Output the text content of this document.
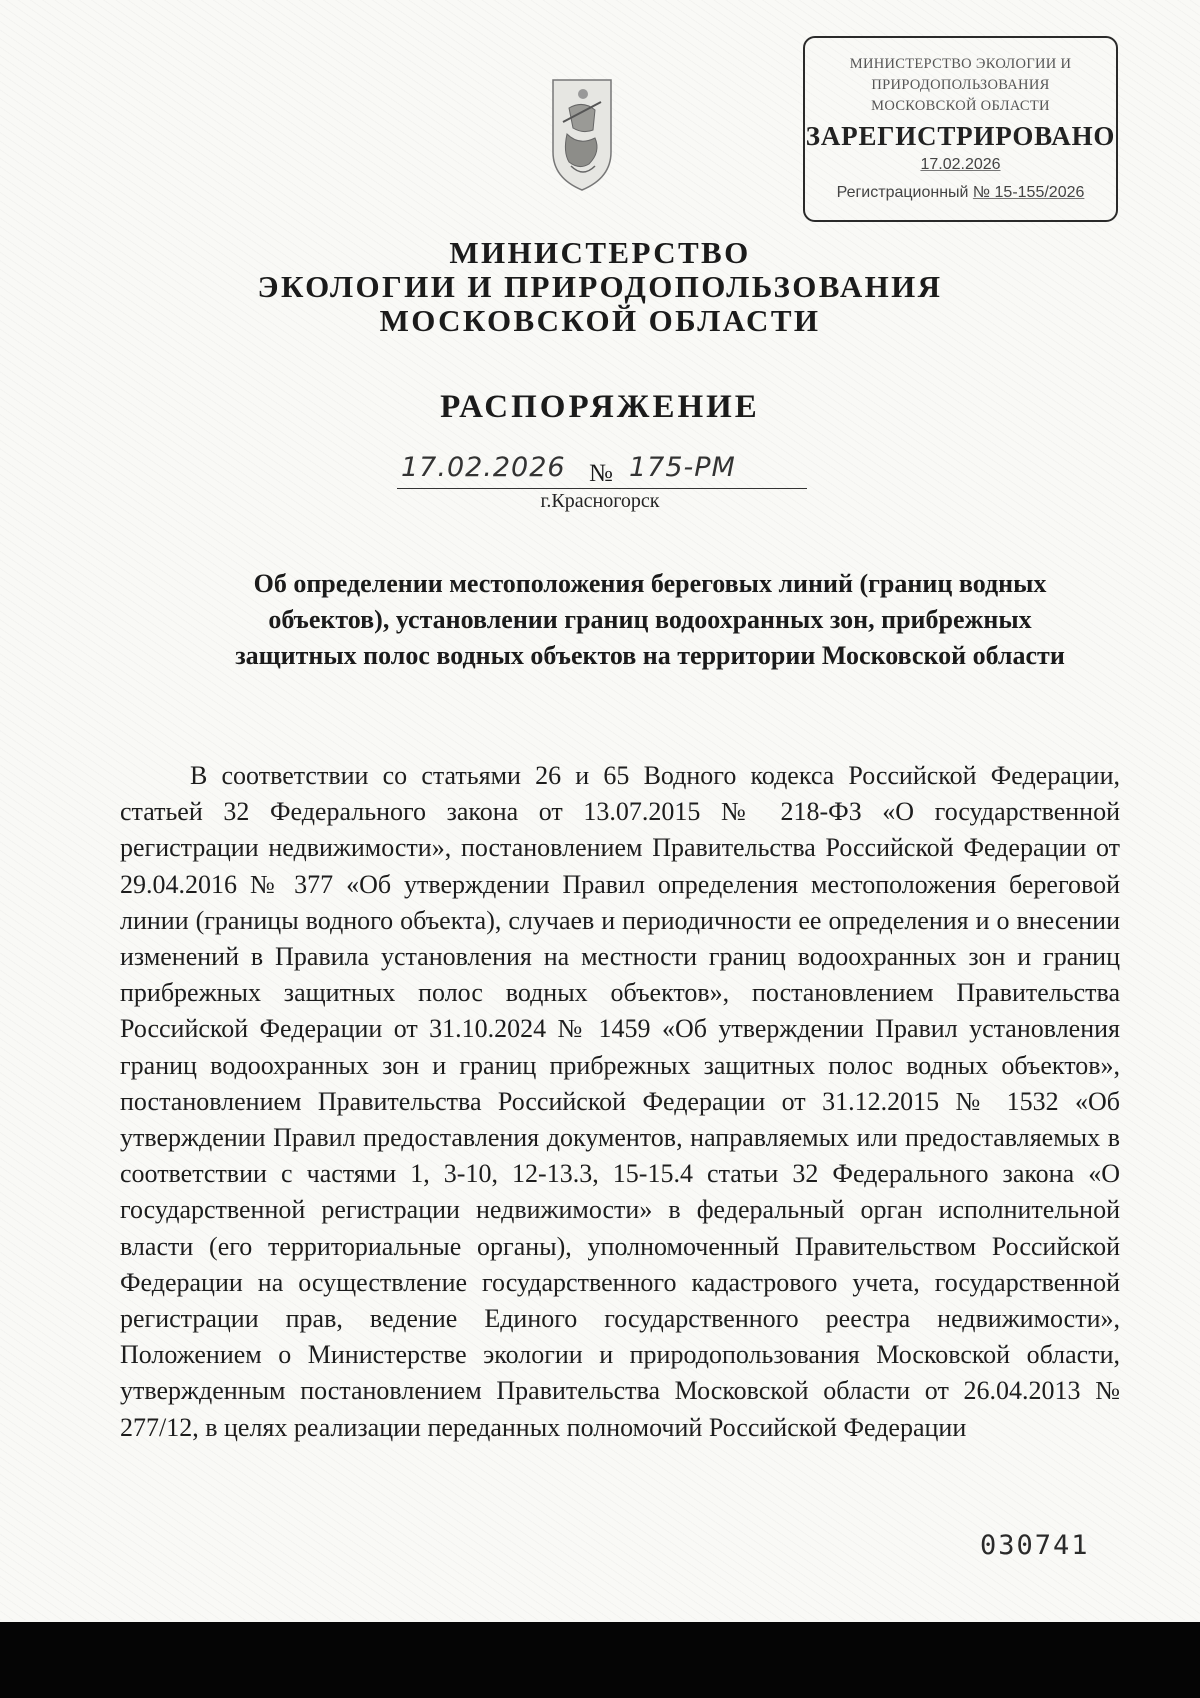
МИНИСТЕРСТВО ЭКОЛОГИИ И
ПРИРОДОПОЛЬЗОВАНИЯ
МОСКОВСКОЙ ОБЛАСТИ
ЗАРЕГИСТРИРОВАНО
17.02.2026
Регистрационный № 15-155/2026
МИНИСТЕРСТВО
ЭКОЛОГИИ И ПРИРОДОПОЛЬЗОВАНИЯ
МОСКОВСКОЙ ОБЛАСТИ
РАСПОРЯЖЕНИЕ
17.02.2026 № 175-РМ
г.Красногорск
Об определении местоположения береговых линий (границ водных
объектов), установлении границ водоохранных зон, прибрежных
защитных полос водных объектов на территории Московской области

В соответствии со статьями 26 и 65 Водного кодекса Российской Федерации, статьей 32 Федерального закона от 13.07.2015 № 218-ФЗ «О государственной регистрации недвижимости», постановлением Правительства Российской Федерации от 29.04.2016 № 377 «Об утверждении Правил определения местоположения береговой линии (границы водного объекта), случаев и периодичности ее определения и о внесении изменений в Правила установления на местности границ водоохранных зон и границ прибрежных защитных полос водных объектов», постановлением Правительства Российской Федерации от 31.10.2024 № 1459 «Об утверждении Правил установления границ водоохранных зон и границ прибрежных защитных полос водных объектов», постановлением Правительства Российской Федерации от 31.12.2015 № 1532 «Об утверждении Правил предоставления документов, направляемых или предоставляемых в соответствии с частями 1, 3-10, 12-13.3, 15-15.4 статьи 32 Федерального закона «О государственной регистрации недвижимости» в федеральный орган исполнительной власти (его территориальные органы), уполномоченный Правительством Российской Федерации на осуществление государственного кадастрового учета, государственной регистрации прав, ведение Единого государственного реестра недвижимости», Положением о Министерстве экологии и природопользования Московской области, утвержденным постановлением Правительства Московской области от 26.04.2013 № 277/12, в целях реализации переданных полномочий Российской Федерации

030741
